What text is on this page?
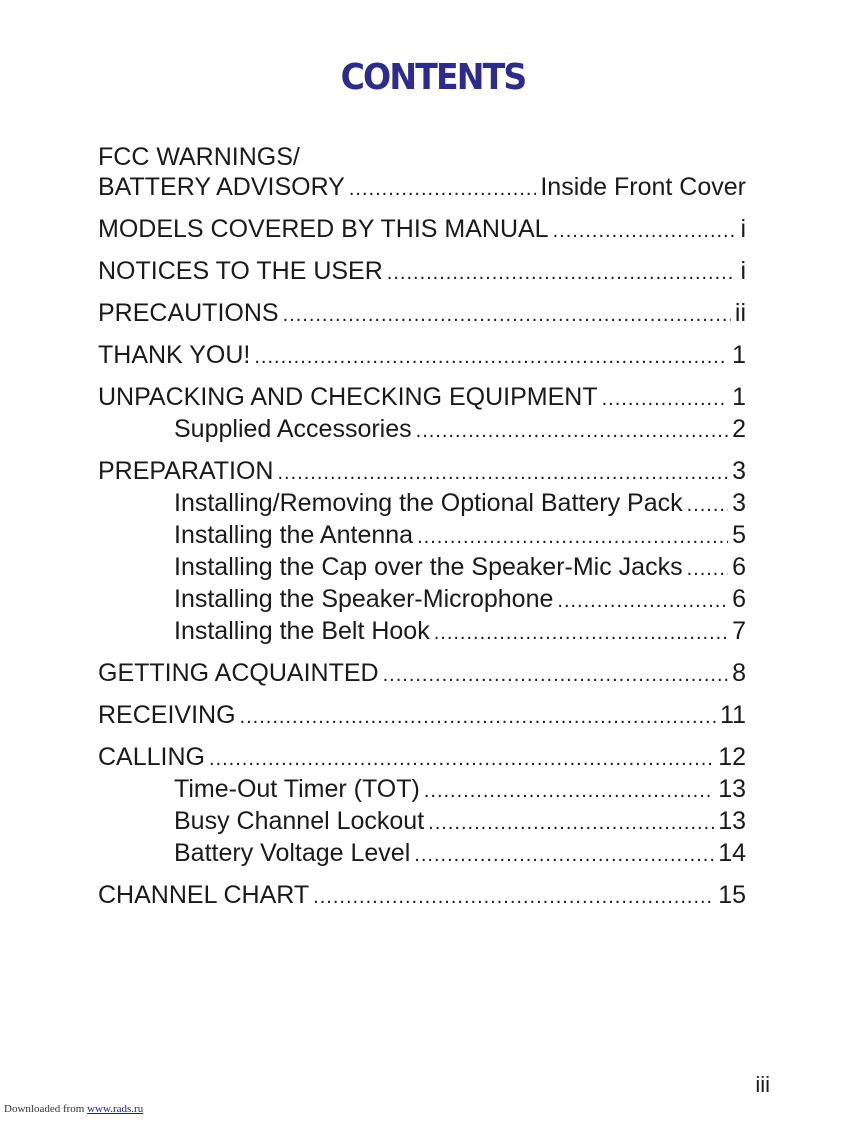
CONTENTS
FCC WARNINGS/
BATTERY ADVISORY .....	Inside Front Cover
MODELS COVERED BY THIS MANUAL .....	i
NOTICES TO THE USER .....	i
PRECAUTIONS .....	ii
THANK YOU! .....	1
UNPACKING AND CHECKING EQUIPMENT .....	1
Supplied Accessories .....	2
PREPARATION .....	3
Installing/Removing the Optional Battery Pack ..... 3
Installing the Antenna .....	5
Installing the Cap over the Speaker-Mic Jacks ..... 6
Installing the Speaker-Microphone .....	6
Installing the Belt Hook .....	7
GETTING ACQUAINTED .....	8
RECEIVING .....	11
CALLING .....	12
Time-Out Timer (TOT) .....	13
Busy Channel Lockout .....	13
Battery Voltage Level .....	14
CHANNEL CHART .....	15
iii
Downloaded from www.rads.ru
